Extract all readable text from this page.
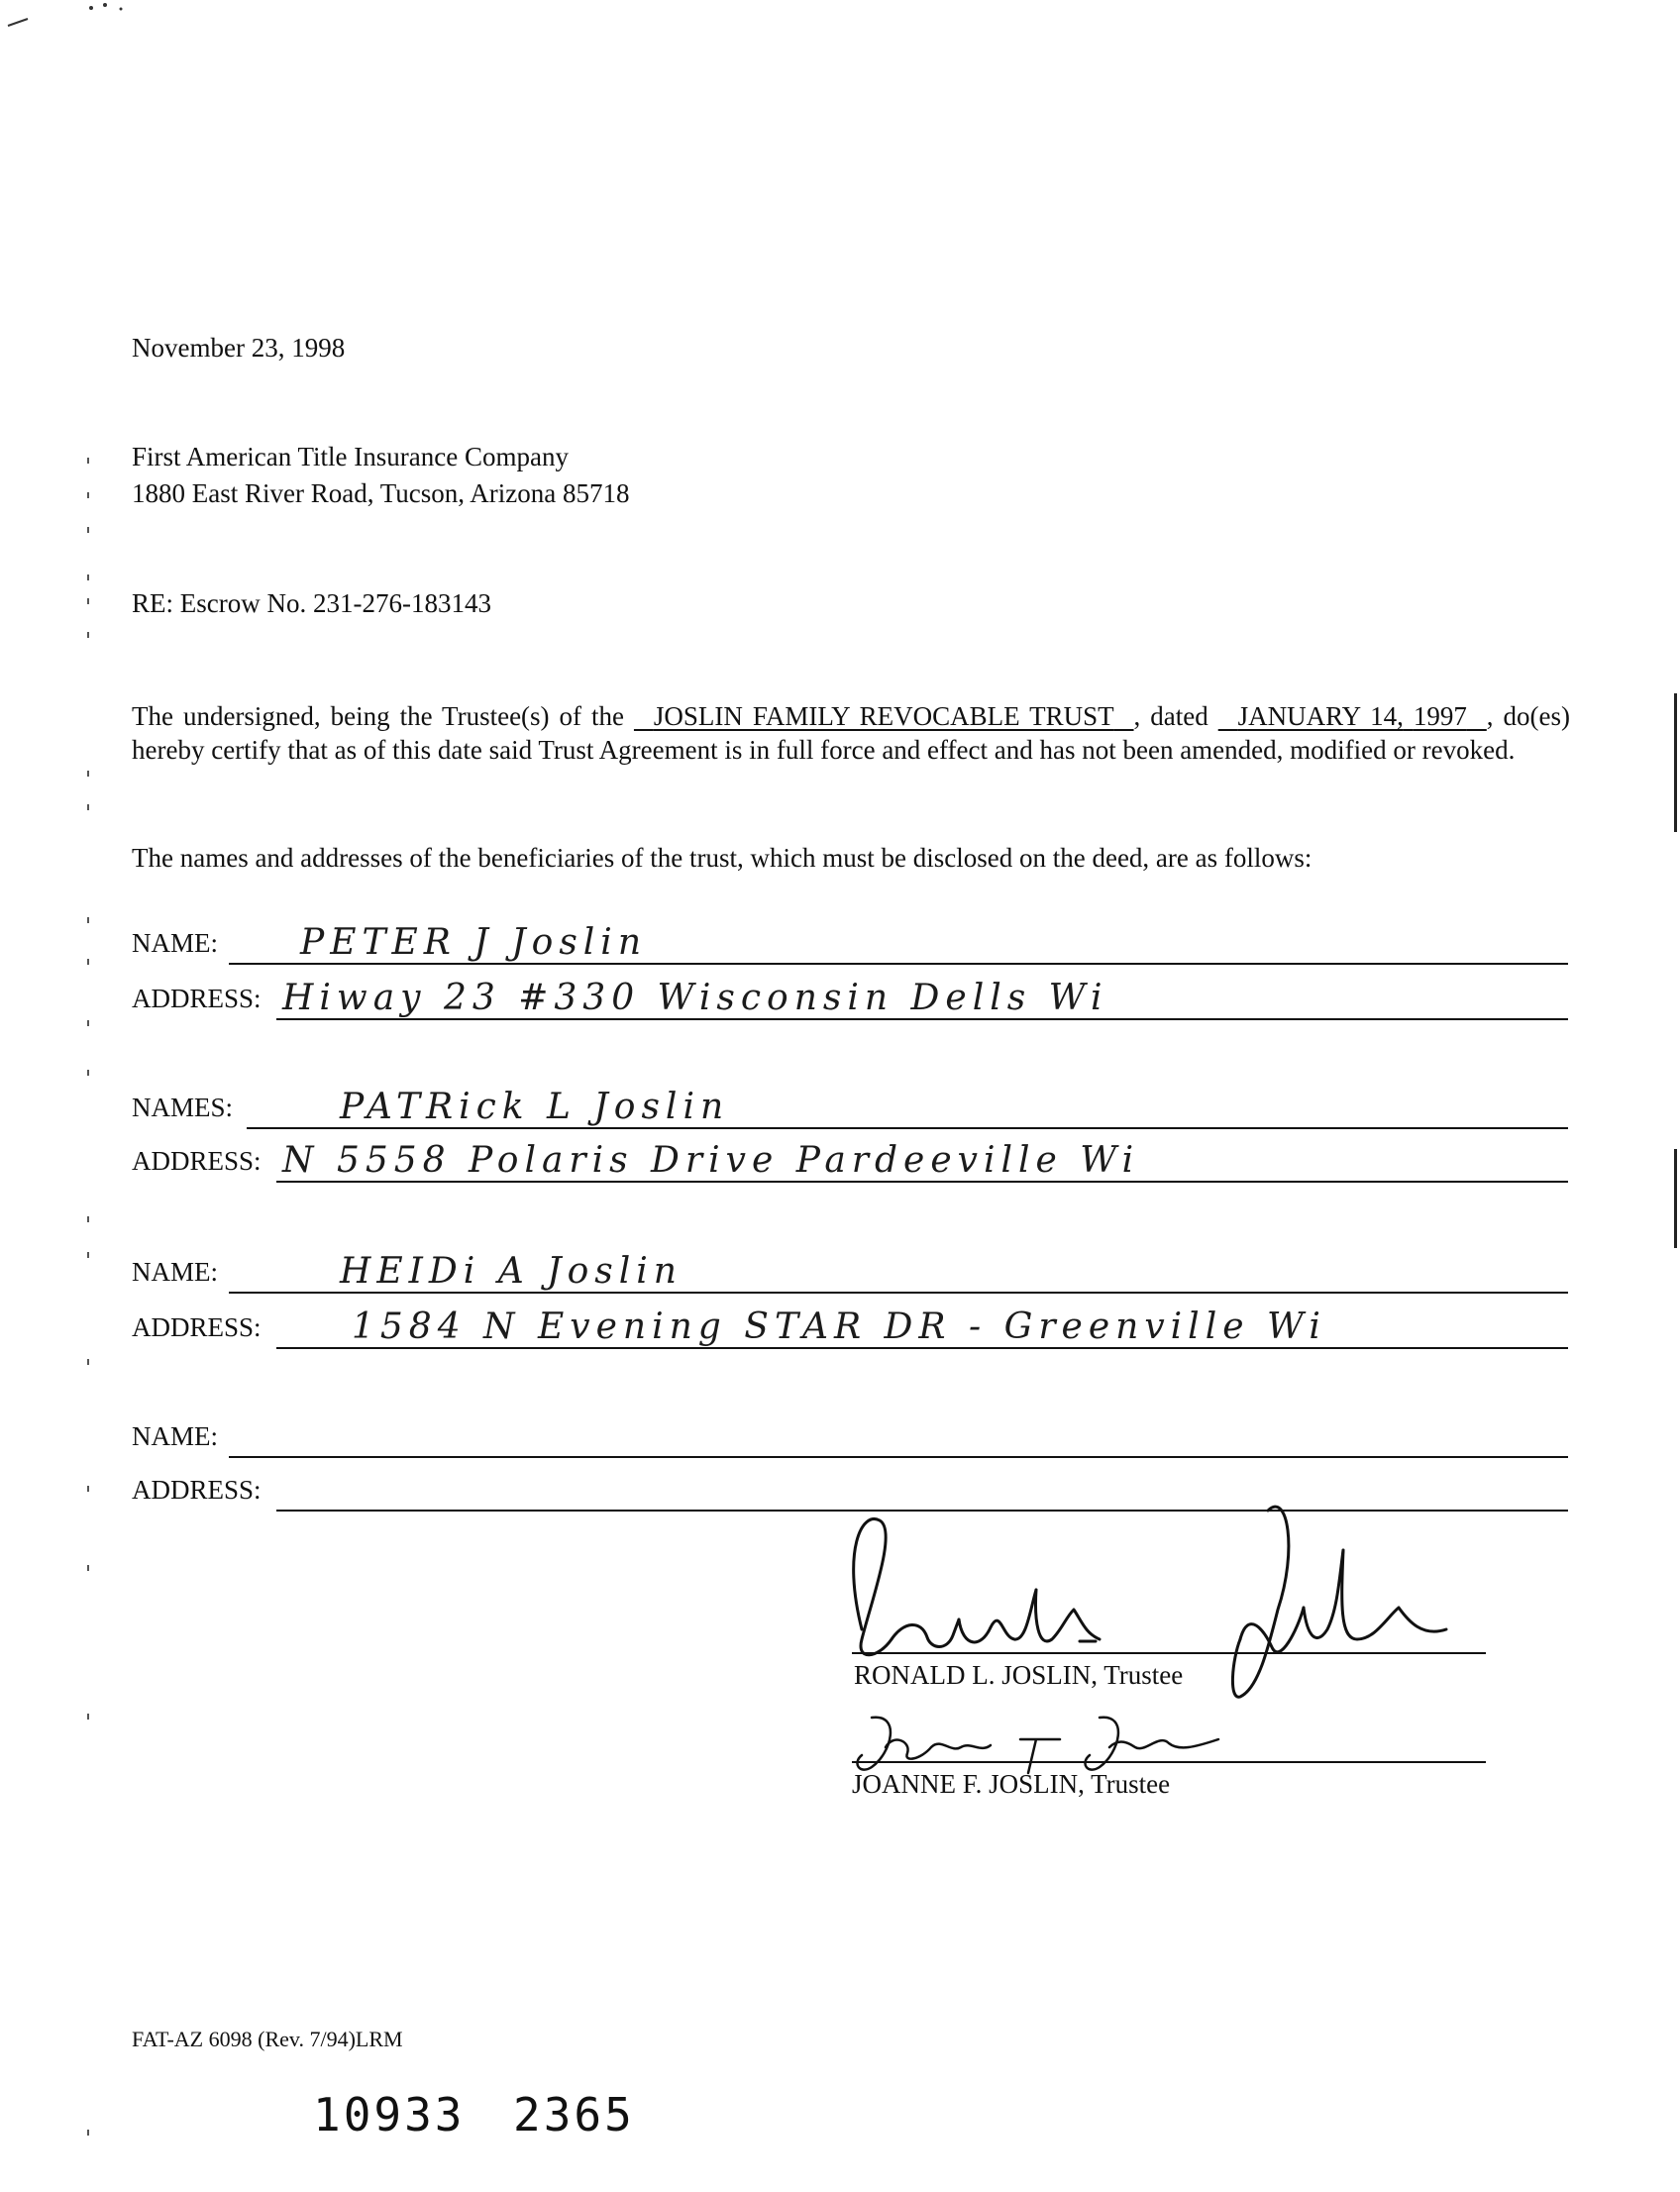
November 23, 1998
First American Title Insurance Company
1880 East River Road, Tucson, Arizona 85718
RE: Escrow No. 231-276-183143
The undersigned, being the Trustee(s) of the JOSLIN FAMILY REVOCABLE TRUST , dated JANUARY 14, 1997 , do(es) hereby certify that as of this date said Trust Agreement is in full force and effect and has not been amended, modified or revoked.
The names and addresses of the beneficiaries of the trust, which must be disclosed on the deed, are as follows:
NAME: PETER J Joslin
ADDRESS: Hiway 23 #330 Wisconsin Dells Wi
NAMES:	PATRick L Joslin
ADDRESS: N 5558 Polaris Drive Pardeeville Wi
NAME:	HEIDi A Joslin
ADDRESS:	1584 N Evening STAR DR - Greenville Wi
NAME:
ADDRESS:
RONALD L. JOSLIN, Trustee
JOANNE F. JOSLIN, Trustee
FAT-AZ 6098 (Rev. 7/94)LRM
10933 2365
